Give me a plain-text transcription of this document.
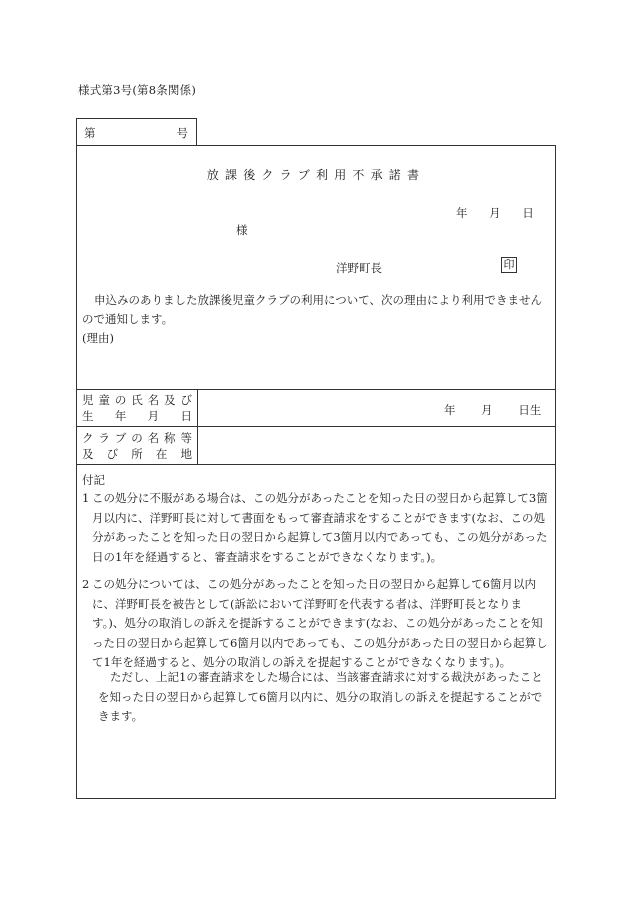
様式第3号(第8条関係)
第	号
放課後クラブ利用不承諾書
年 月 日
様
洋野町長	印
申込みのありました放課後児童クラブの利用について、次の理由により利用できませんので通知します。
(理由)
児 童 の 氏 名 及 び
生 年 月 日	年 月 日生
ク ラ ブ の 名 称 等
及 び 所 在 地
付記
1 この処分に不服がある場合は、この処分があったことを知った日の翌日から起算して3箇月以内に、洋野町長に対して書面をもって審査請求をすることができます(なお、この処分があったことを知った日の翌日から起算して3箇月以内であっても、この処分があった日の1年を経過すると、審査請求をすることができなくなります。)。
2 この処分については、この処分があったことを知った日の翌日から起算して6箇月以内に、洋野町長を被告として(訴訟において洋野町を代表する者は、洋野町長となります。)、処分の取消しの訴えを提訴することができます(なお、この処分があったことを知った日の翌日から起算して6箇月以内であっても、この処分があった日の翌日から起算して1年を経過すると、処分の取消しの訴えを提起することができなくなります。)。
ただし、上記1の審査請求をした場合には、当該審査請求に対する裁決があったことを知った日の翌日から起算して6箇月以内に、処分の取消しの訴えを提起することができます。
